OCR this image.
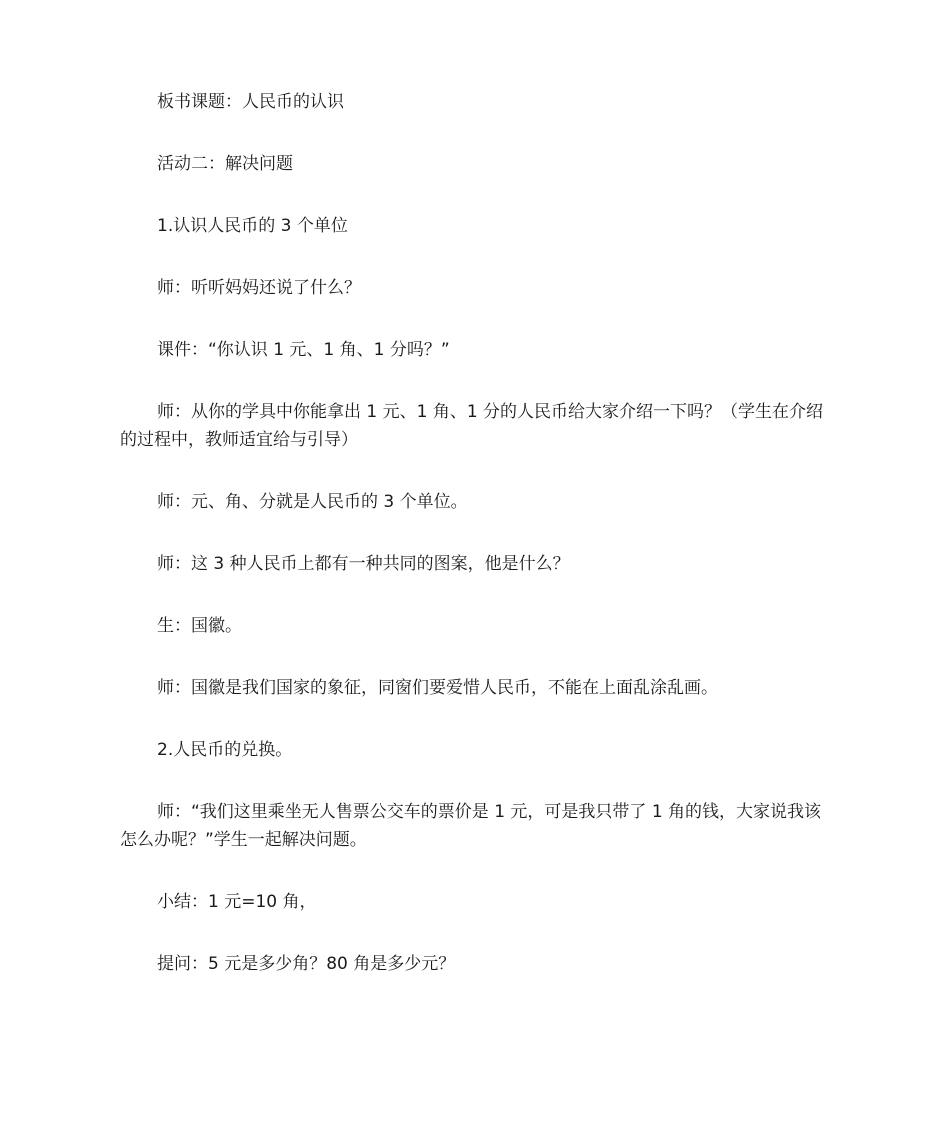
板书课题：人民币的认识

活动二：解决问题

1.认识人民币的 3 个单位

师：听听妈妈还说了什么？

课件：“你认识 1 元、1 角、1 分吗？”

师：从你的学具中你能拿出 1 元、1 角、1 分的人民币给大家介绍一下吗？（学生在介绍的过程中，教师适宜给与引导）

师：元、角、分就是人民币的 3 个单位。

师：这 3 种人民币上都有一种共同的图案，他是什么？

生：国徽。

师：国徽是我们国家的象征，同窗们要爱惜人民币，不能在上面乱涂乱画。

2.人民币的兑换。

师：“我们这里乘坐无人售票公交车的票价是 1 元，可是我只带了 1 角的钱，大家说我该怎么办呢？”学生一起解决问题。

小结：1 元=10 角，

提问：5 元是多少角？80 角是多少元？
